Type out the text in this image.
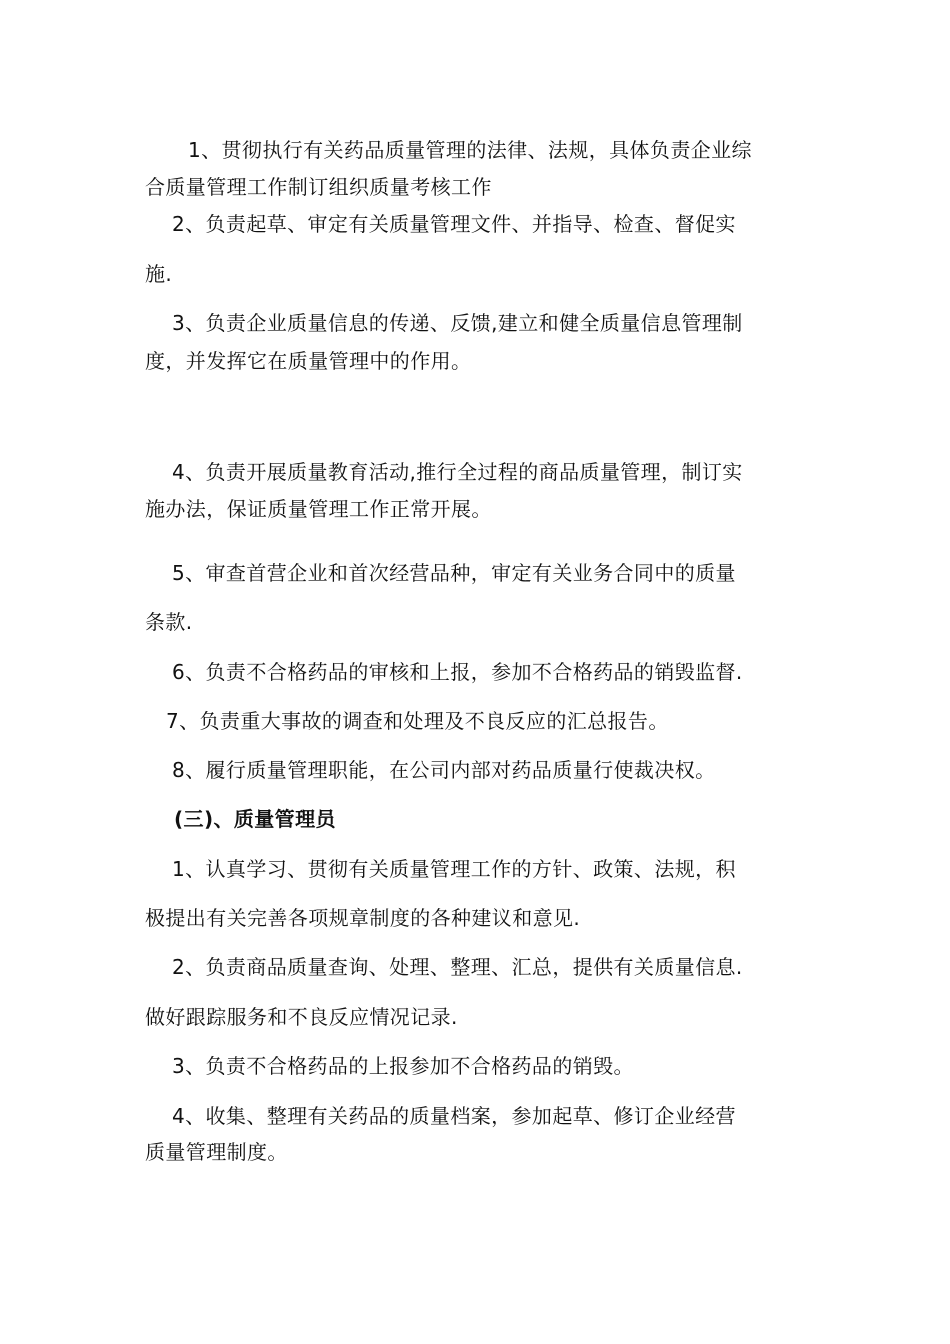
1、贯彻执行有关药品质量管理的法律、法规，具体负责企业综
合质量管理工作制订组织质量考核工作
2、负责起草、审定有关质量管理文件、并指导、检查、督促实
施.
3、负责企业质量信息的传递、反馈,建立和健全质量信息管理制
度，并发挥它在质量管理中的作用。
4、负责开展质量教育活动,推行全过程的商品质量管理，制订实
施办法，保证质量管理工作正常开展。
5、审查首营企业和首次经营品种，审定有关业务合同中的质量
条款.
6、负责不合格药品的审核和上报，参加不合格药品的销毁监督.
7、负责重大事故的调查和处理及不良反应的汇总报告。
8、履行质量管理职能，在公司内部对药品质量行使裁决权。
(三)、质量管理员
1、认真学习、贯彻有关质量管理工作的方针、政策、法规，积
极提出有关完善各项规章制度的各种建议和意见.
2、负责商品质量查询、处理、整理、汇总，提供有关质量信息.
做好跟踪服务和不良反应情况记录.
3、负责不合格药品的上报参加不合格药品的销毁。
4、收集、整理有关药品的质量档案，参加起草、修订企业经营
质量管理制度。
